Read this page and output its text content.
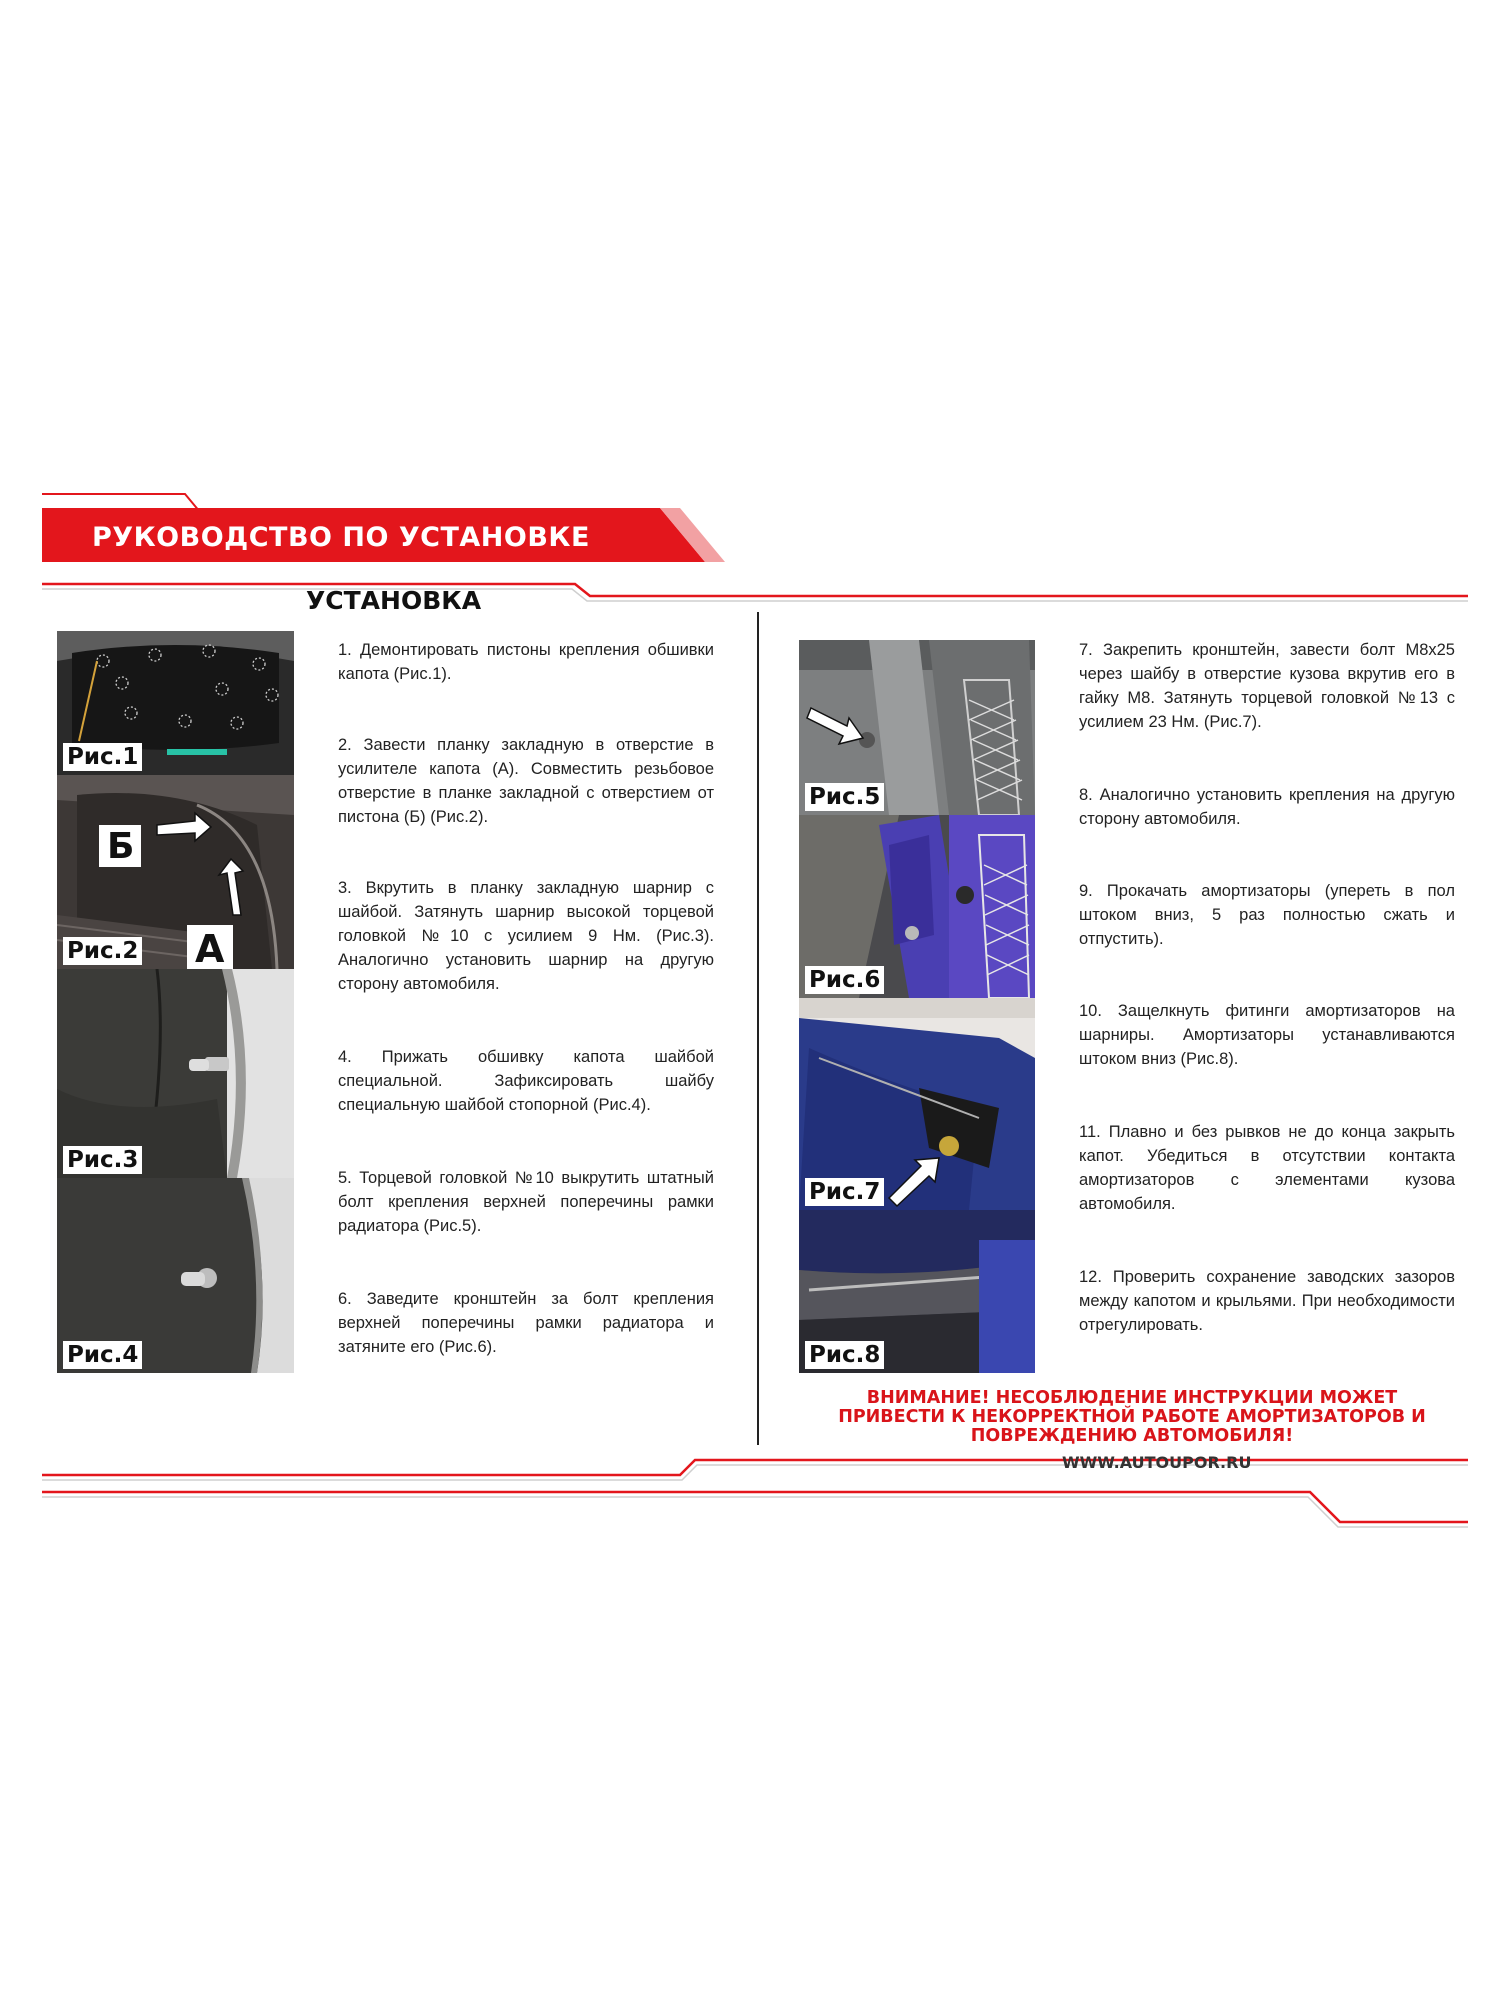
РУКОВОДСТВО ПО УСТАНОВКЕ
УСТАНОВКА
Рис.1
Б
А
Рис.2
Рис.3
Рис.4
Рис.5
Рис.6
Рис.7
Рис.8
1. Демонтировать пистоны крепления обшивки капота (Рис.1).
2. Завести планку закладную в отверстие в усилителе капота (А). Совместить резьбовое отверстие в планке закладной с отверстием от пистона (Б) (Рис.2).
3. Вкрутить в планку закладную шарнир с шайбой. Затянуть шарнир высокой торцевой головкой №10 с усилием 9 Нм. (Рис.3). Аналогично установить шарнир на другую сторону автомобиля.
4. Прижать обшивку капота шайбой специальной. Зафиксировать шайбу специальную шайбой стопорной (Рис.4).
5. Торцевой головкой №10 выкрутить штатный болт крепления верхней поперечины рамки радиатора (Рис.5).
6. Заведите кронштейн за болт крепления верхней поперечины рамки радиатора и затяните его (Рис.6).
7. Закрепить кронштейн, завести болт М8х25 через шайбу в отверстие кузова вкрутив его в гайку М8. Затянуть торцевой головкой №13 с усилием 23 Нм. (Рис.7).
8. Аналогично установить крепления на другую сторону автомобиля.
9. Прокачать амортизаторы (упереть в пол штоком вниз, 5 раз полностью сжать и отпустить).
10. Защелкнуть фитинги амортизаторов на шарниры. Амортизаторы устанавливаются штоком вниз (Рис.8).
11. Плавно и без рывков не до конца закрыть капот. Убедиться в отсутствии контакта амортизаторов с элементами кузова автомобиля.
12. Проверить сохранение заводских зазоров между капотом и крыльями. При необходимости отрегулировать.
ВНИМАНИЕ! НЕСОБЛЮДЕНИЕ ИНСТРУКЦИИ МОЖЕТ ПРИВЕСТИ К НЕКОРРЕКТНОЙ РАБОТЕ АМОРТИЗАТОРОВ И ПОВРЕЖДЕНИЮ АВТОМОБИЛЯ!
WWW.AUTOUPOR.RU
